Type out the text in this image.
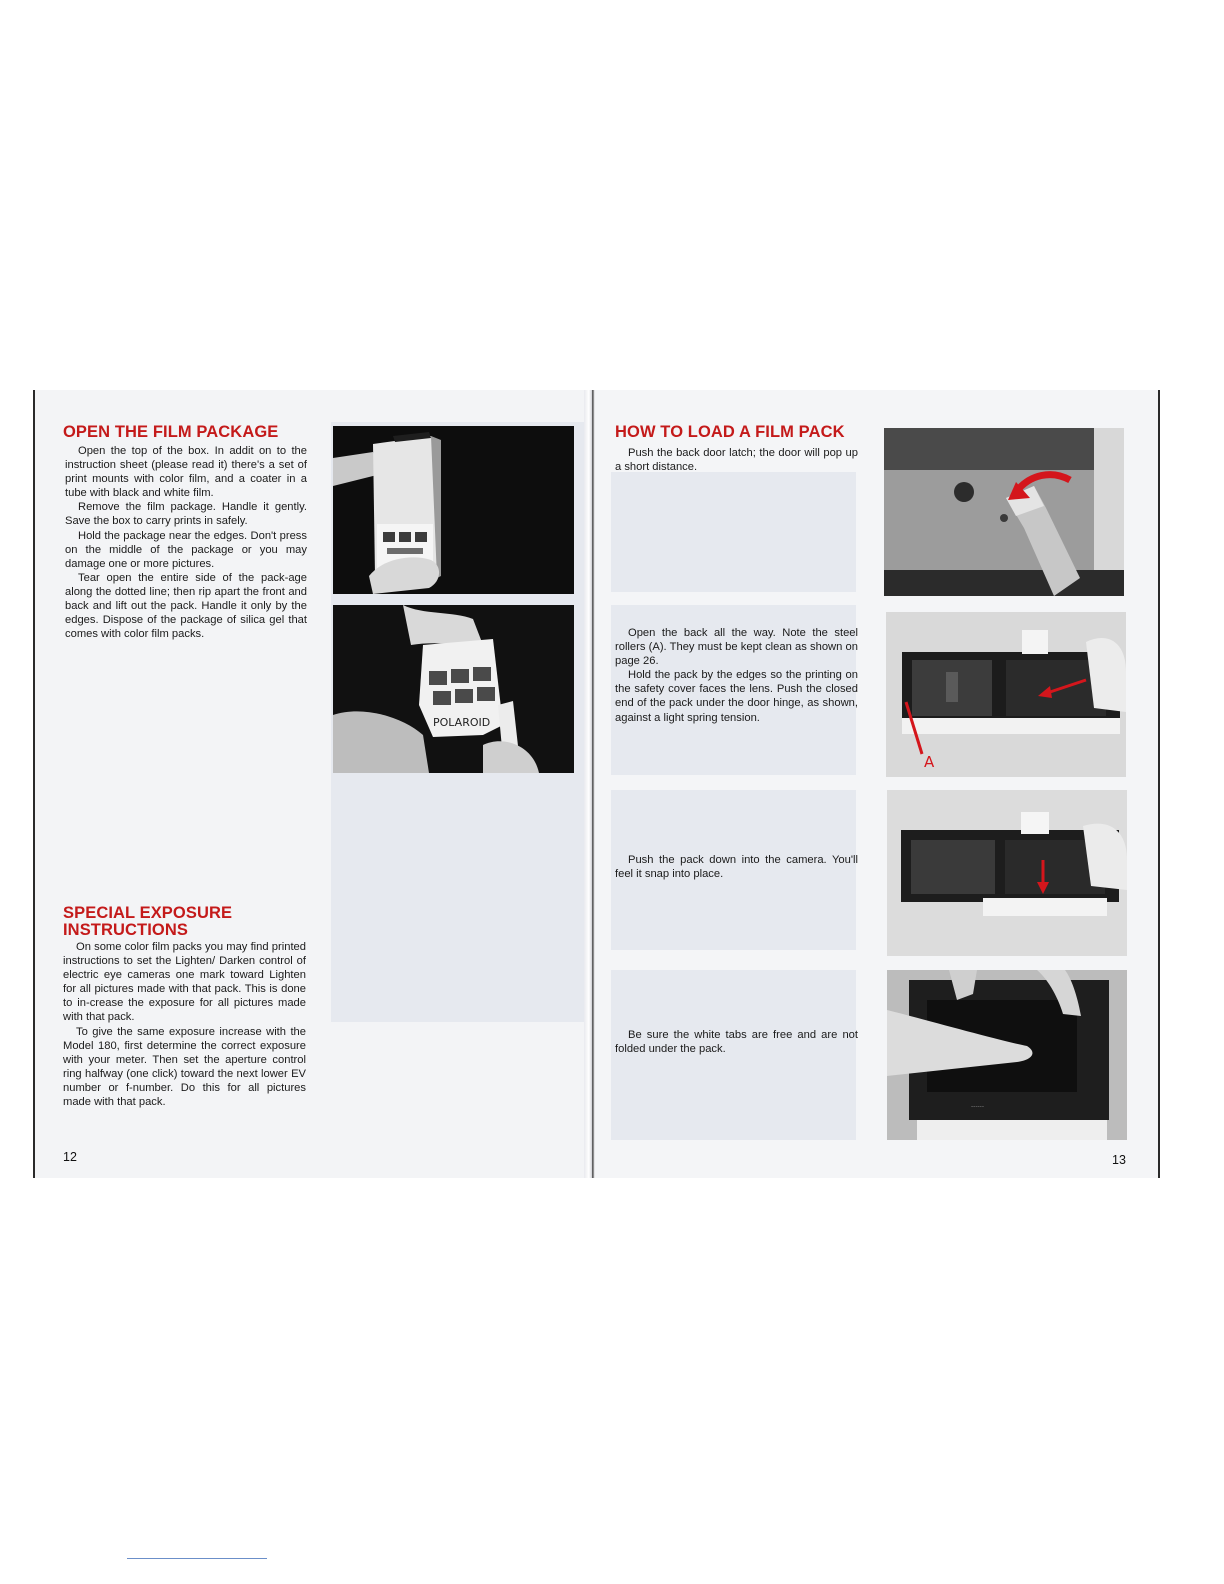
OPEN THE FILM PACKAGE

Open the top of the box. In addit on to the instruction sheet (please read it) there's a set of print mounts with color film, and a coater in a tube with black and white film.

Remove the film package. Handle it gently. Save the box to carry prints in safely.

Hold the package near the edges. Don't press on the middle of the package or you may damage one or more pictures.

Tear open the entire side of the pack-age along the dotted line; then rip apart the front and back and lift out the pack. Handle it only by the edges. Dispose of the package of silica gel that comes with color film packs.

SPECIAL EXPOSURE
INSTRUCTIONS

On some color film packs you may find printed instructions to set the Lighten/ Darken control of electric eye cameras one mark toward Lighten for all pictures made with that pack. This is done to in-crease the exposure for all pictures made with that pack.

To give the same exposure increase with the Model 180, first determine the correct exposure with your meter. Then set the aperture control ring halfway (one click) toward the next lower EV number or f-number. Do this for all pictures made with that pack.

POLAROID
12
HOW TO LOAD A FILM PACK

Push the back door latch; the door will pop up a short distance.

Open the back all the way. Note the steel rollers (A). They must be kept clean as shown on page 26.

Hold the pack by the edges so the printing on the safety cover faces the lens. Push the closed end of the pack under the door hinge, as shown, against a light spring tension.

Push the pack down into the camera. You'll feel it snap into place.

Be sure the white tabs are free and are not folded under the pack.

A
------
13
